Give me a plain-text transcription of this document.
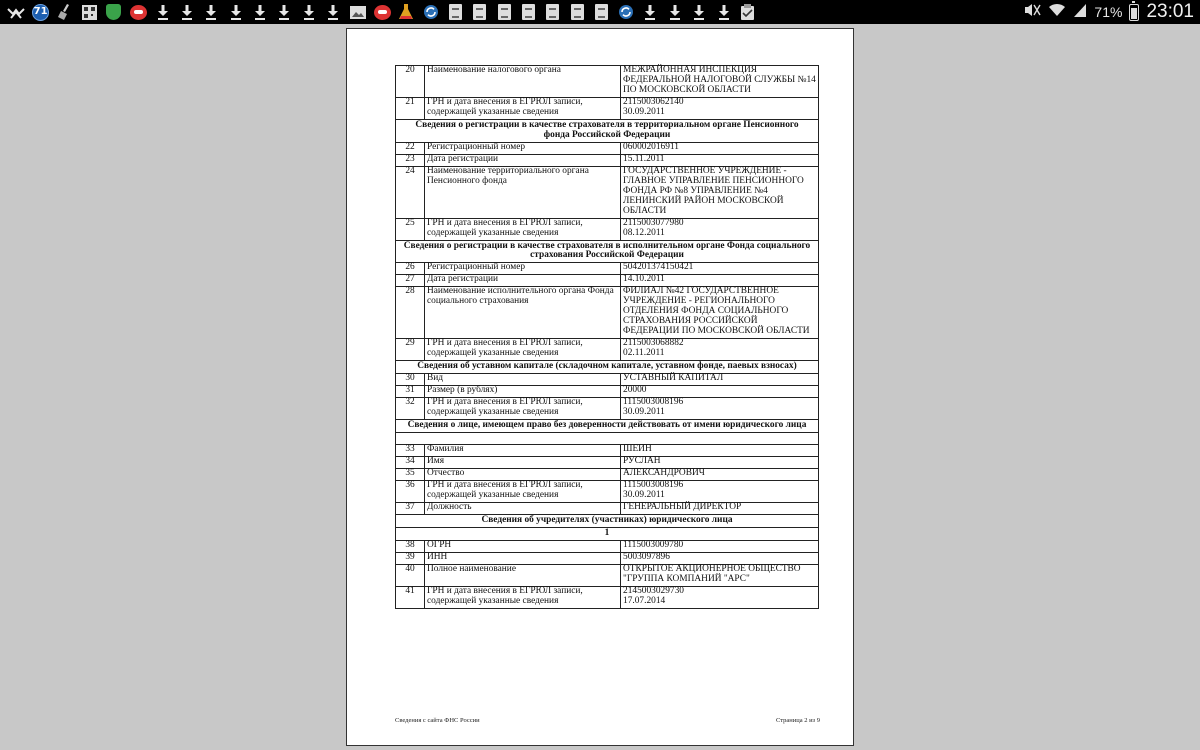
71	71% 23:01
20	Наименование налогового органа	МЕЖРАЙОННАЯ ИНСПЕКЦИЯ ФЕДЕРАЛЬНОЙ НАЛОГОВОЙ СЛУЖБЫ №14 ПО МОСКОВСКОЙ ОБЛАСТИ
21	ГРН и дата внесения в ЕГРЮЛ записи, содержащей указанные сведения	2115003062140
30.09.2011
Сведения о регистрации в качестве страхователя в территориальном органе Пенсионного фонда Российской Федерации		
22	Регистрационный номер	060002016911
23	Дата регистрации	15.11.2011
24	Наименование территориального органа Пенсионного фонда	ГОСУДАРСТВЕННОЕ УЧРЕЖДЕНИЕ - ГЛАВНОЕ УПРАВЛЕНИЕ ПЕНСИОННОГО ФОНДА РФ №8 УПРАВЛЕНИЕ №4 ЛЕНИНСКИЙ РАЙОН МОСКОВСКОЙ ОБЛАСТИ
25	ГРН и дата внесения в ЕГРЮЛ записи, содержащей указанные сведения	2115003077980
08.12.2011
Сведения о регистрации в качестве страхователя в исполнительном органе Фонда социального страхования Российской Федерации		
26	Регистрационный номер	504201374150421
27	Дата регистрации	14.10.2011
28	Наименование исполнительного органа Фонда социального страхования	ФИЛИАЛ №42 ГОСУДАРСТВЕННОЕ УЧРЕЖДЕНИЕ - РЕГИОНАЛЬНОГО ОТДЕЛЕНИЯ ФОНДА СОЦИАЛЬНОГО СТРАХОВАНИЯ РОССИЙСКОЙ ФЕДЕРАЦИИ ПО МОСКОВСКОЙ ОБЛАСТИ
29	ГРН и дата внесения в ЕГРЮЛ записи, содержащей указанные сведения	2115003068882
02.11.2011
Сведения об уставном капитале (складочном капитале, уставном фонде, паевых взносах)		
30	Вид	УСТАВНЫЙ КАПИТАЛ
31	Размер (в рублях)	20000
32	ГРН и дата внесения в ЕГРЮЛ записи, содержащей указанные сведения	1115003008196
30.09.2011
Сведения о лице, имеющем право без доверенности действовать от имени юридического лица		

33	Фамилия	ШЕИН
34	Имя	РУСЛАН
35	Отчество	АЛЕКСАНДРОВИЧ
36	ГРН и дата внесения в ЕГРЮЛ записи, содержащей указанные сведения	1115003008196
30.09.2011
37	Должность	ГЕНЕРАЛЬНЫЙ ДИРЕКТОР
Сведения об учредителях (участниках) юридического лица		
1		
38	ОГРН	1115003009780
39	ИНН	5003097896
40	Полное наименование	ОТКРЫТОЕ АКЦИОНЕРНОЕ ОБЩЕСТВО "ГРУППА КОМПАНИЙ "АРС"
41	ГРН и дата внесения в ЕГРЮЛ записи, содержащей указанные сведения	2145003029730
17.07.2014
Сведения с сайта ФНС России	Страница 2 из 9
